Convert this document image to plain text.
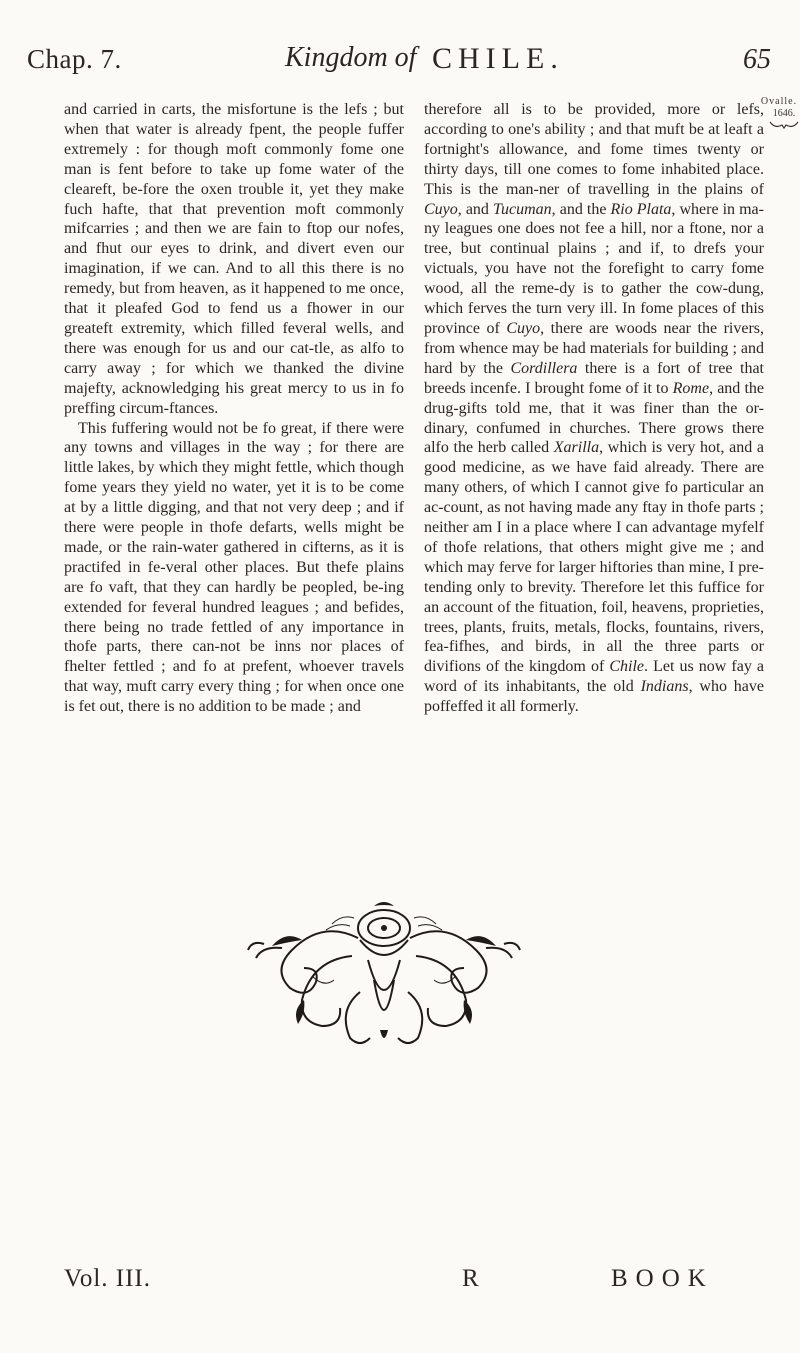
Chap. 7.	Kingdom of CHILE.	65

and carried in carts, the misfortune is the lefs ; but when that water is already fpent, the people fuffer extremely : for though moft commonly fome one man is fent before to take up fome water of the cleareft, be-fore the oxen trouble it, yet they make fuch hafte, that that prevention moft commonly mifcarries ; and then we are fain to ftop our nofes, and fhut our eyes to drink, and divert even our imagination, if we can. And to all this there is no remedy, but from heaven, as it happened to me once, that it pleafed God to fend us a fhower in our greateft extremity, which filled feveral wells, and there was enough for us and our cat-tle, as alfo to carry away ; for which we thanked the divine majefty, acknowledging his great mercy to us in fo preffing circum-ftances.

This fuffering would not be fo great, if there were any towns and villages in the way ; for there are little lakes, by which they might fettle, which though fome years they yield no water, yet it is to be come at by a little digging, and that not very deep ; and if there were people in thofe defarts, wells might be made, or the rain-water gathered in cifterns, as it is practifed in fe-veral other places. But thefe plains are fo vaft, that they can hardly be peopled, be-ing extended for feveral hundred leagues ; and befides, there being no trade fettled of any importance in thofe parts, there can-not be inns nor places of fhelter fettled ; and fo at prefent, whoever travels that way, muft carry every thing ; for when once one is fet out, there is no addition to be made ; and

therefore all is to be provided, more or lefs, according to one's ability ; and that muft be at leaft a fortnight's allowance, and fome times twenty or thirty days, till one comes to fome inhabited place. This is the man-ner of travelling in the plains of Cuyo, and Tucuman, and the Rio Plata, where in ma-ny leagues one does not fee a hill, nor a ftone, nor a tree, but continual plains ; and if, to drefs your victuals, you have not the forefight to carry fome wood, all the reme-dy is to gather the cow-dung, which ferves the turn very ill. In fome places of this province of Cuyo, there are woods near the rivers, from whence may be had materials for building ; and hard by the Cordillera there is a fort of tree that breeds incenfe. I brought fome of it to Rome, and the drug-gifts told me, that it was finer than the or-dinary, confumed in churches. There grows there alfo the herb called Xarilla, which is very hot, and a good medicine, as we have faid already. There are many others, of which I cannot give fo particular an ac-count, as not having made any ftay in thofe parts ; neither am I in a place where I can advantage myfelf of thofe relations, that others might give me ; and which may ferve for larger hiftories than mine, I pre-tending only to brevity. Therefore let this fuffice for an account of the fituation, foil, heavens, proprieties, trees, plants, fruits, metals, flocks, fountains, rivers, fea-fifhes, and birds, in all the three parts or divifions of the kingdom of Chile. Let us now fay a word of its inhabitants, the old Indians, who have poffeffed it all formerly.

Ovalle.
1646.
Vol. III.	R	BOOK
